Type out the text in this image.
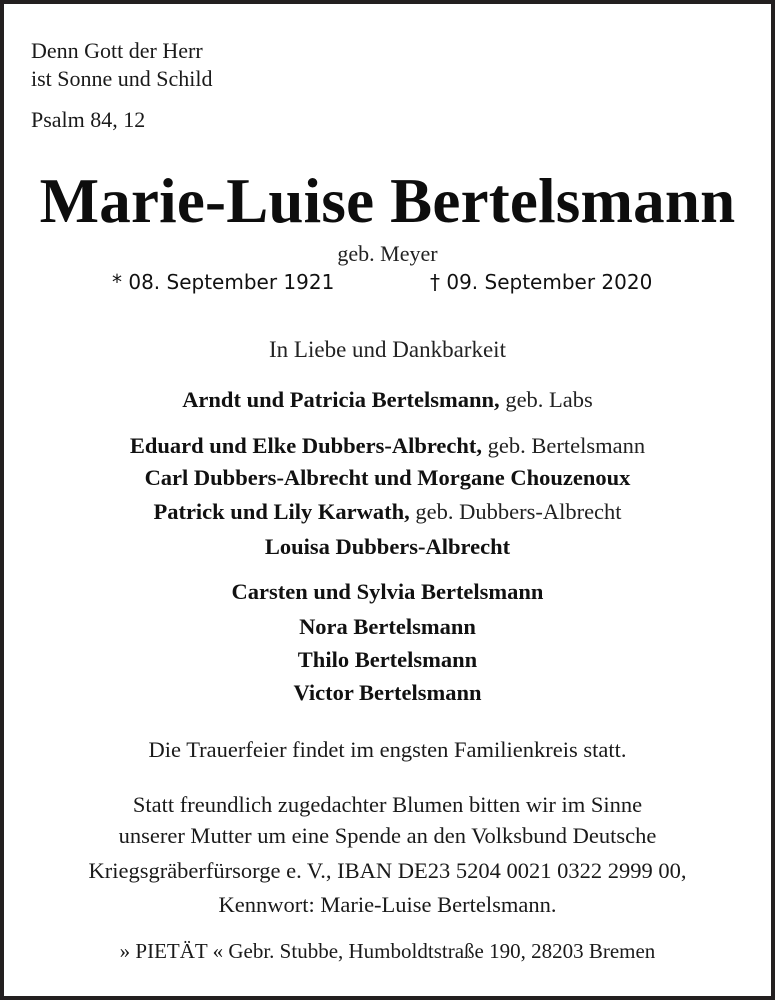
Denn Gott der Herr
ist Sonne und Schild
Psalm 84, 12
Marie-Luise Bertelsmann
geb. Meyer
* 08. September 1921	† 09. September 2020
In Liebe und Dankbarkeit
Arndt und Patricia Bertelsmann, geb. Labs
Eduard und Elke Dubbers-Albrecht, geb. Bertelsmann
Carl Dubbers-Albrecht und Morgane Chouzenoux
Patrick und Lily Karwath, geb. Dubbers-Albrecht
Louisa Dubbers-Albrecht
Carsten und Sylvia Bertelsmann
Nora Bertelsmann
Thilo Bertelsmann
Victor Bertelsmann
Die Trauerfeier findet im engsten Familienkreis statt.
Statt freundlich zugedachter Blumen bitten wir im Sinne
unserer Mutter um eine Spende an den Volksbund Deutsche
Kriegsgräberfürsorge e. V., IBAN DE23 5204 0021 0322 2999 00,
Kennwort: Marie-Luise Bertelsmann.
» PIETÄT « Gebr. Stubbe, Humboldtstraße 190, 28203 Bremen
